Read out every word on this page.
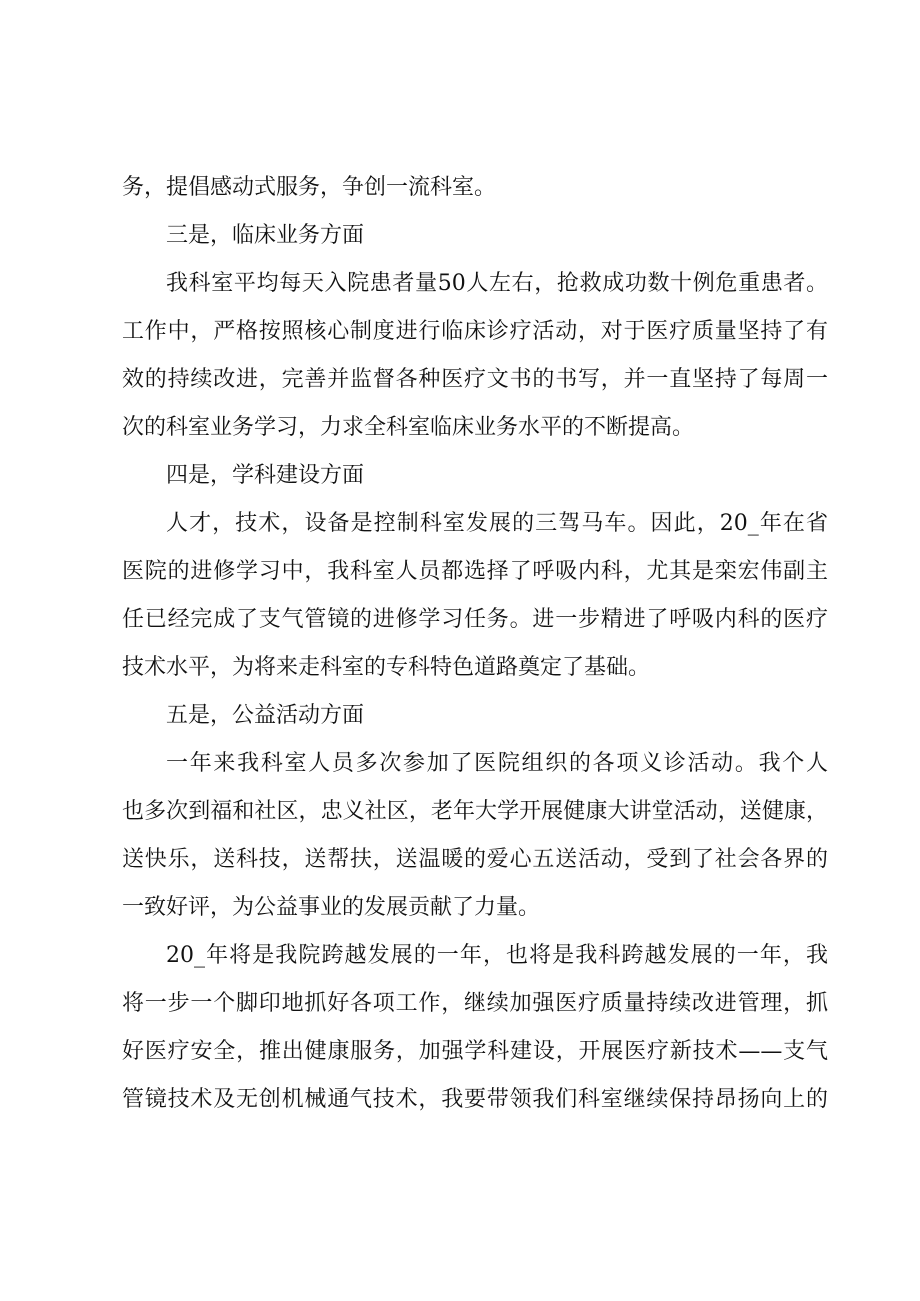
务，提倡感动式服务，争创一流科室。
三是，临床业务方面
我科室平均每天入院患者量50人左右，抢救成功数十例危重患者。
工作中，严格按照核心制度进行临床诊疗活动，对于医疗质量坚持了有
效的持续改进，完善并监督各种医疗文书的书写，并一直坚持了每周一
次的科室业务学习，力求全科室临床业务水平的不断提高。
四是，学科建设方面
人才，技术，设备是控制科室发展的三驾马车。因此，20_年在省
医院的进修学习中，我科室人员都选择了呼吸内科，尤其是栾宏伟副主
任已经完成了支气管镜的进修学习任务。进一步精进了呼吸内科的医疗
技术水平，为将来走科室的专科特色道路奠定了基础。
五是，公益活动方面
一年来我科室人员多次参加了医院组织的各项义诊活动。我个人
也多次到福和社区，忠义社区，老年大学开展健康大讲堂活动，送健康，
送快乐，送科技，送帮扶，送温暖的爱心五送活动，受到了社会各界的
一致好评，为公益事业的发展贡献了力量。
20_年将是我院跨越发展的一年，也将是我科跨越发展的一年，我
将一步一个脚印地抓好各项工作，继续加强医疗质量持续改进管理，抓
好医疗安全，推出健康服务，加强学科建设，开展医疗新技术——支气
管镜技术及无创机械通气技术，我要带领我们科室继续保持昂扬向上的
